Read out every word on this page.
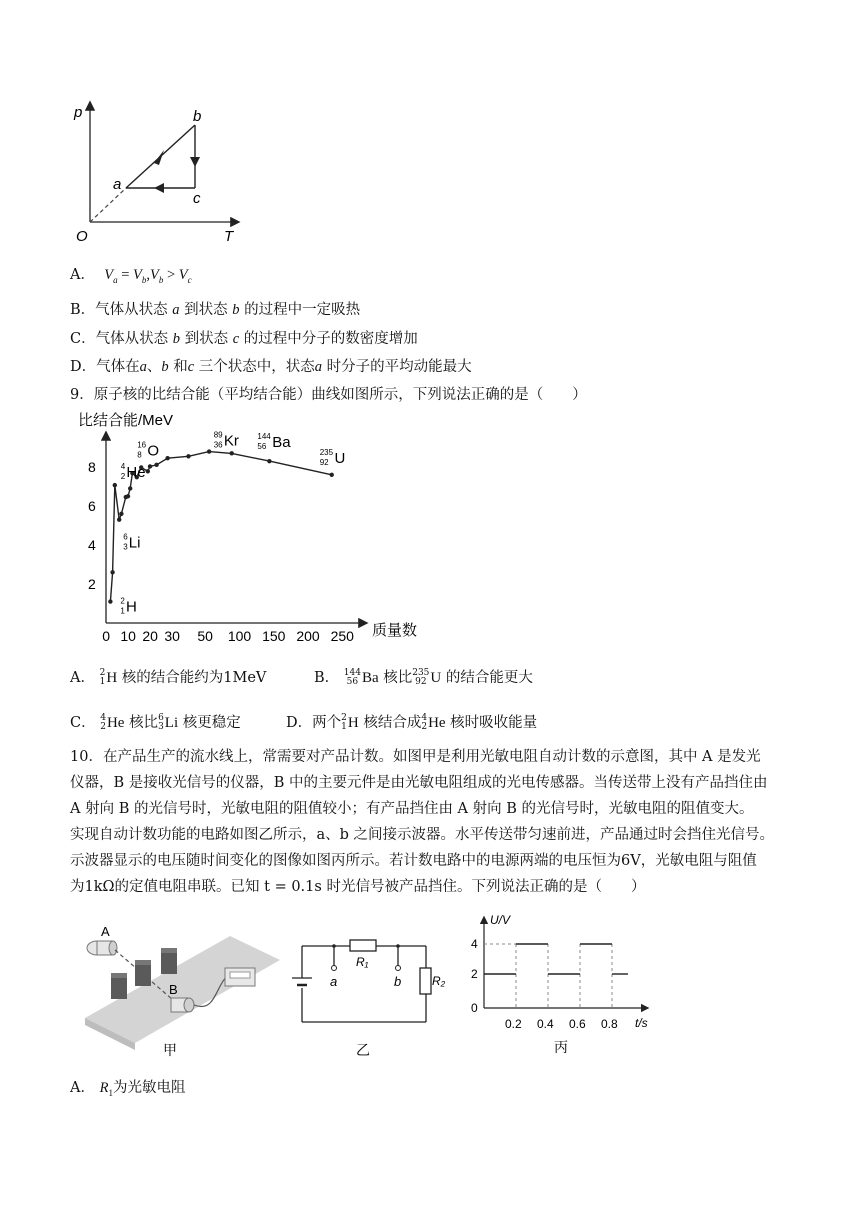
p
T
O
a
b
c
A． $V_a = V_b,V_b > V_c$
B．气体从状态 a 到状态 b 的过程中一定吸热
C．气体从状态 b 到状态 c 的过程中分子的数密度增加
D．气体在a、b 和c 三个状态中，状态a 时分子的平均动能最大
9．原子核的比结合能（平均结合能）曲线如图所示，下列说法正确的是（　　）
比结合能/MeV
质量数
0 10 20 30 50 100 150 200 250
2
4
6
8
2
1 H
4
2 He
6
3 Li
16
8 O
89
36 Kr 144
56 Ba
235
92 U
A． 2
1 H 核的结合能约为1MeV	B． 144
56 Ba 核比 235
92 U 的结合能更大
C． 4
2 He 核比 6
3 Li 核更稳定	D．两个 2
1 H 核结合成 4
2 He 核时吸收能量
10．在产品生产的流水线上，常需要对产品计数。如图甲是利用光敏电阻自动计数的示意图，其中 A 是发光
仪器，B 是接收光信号的仪器，B 中的主要元件是由光敏电阻组成的光电传感器。当传送带上没有产品挡住由
A 射向 B 的光信号时，光敏电阻的阻值较小；有产品挡住由 A 射向 B 的光信号时，光敏电阻的阻值变大。
实现自动计数功能的电路如图乙所示，a、b 之间接示波器。水平传送带匀速前进，产品通过时会挡住光信号。
示波器显示的电压随时间变化的图像如图丙所示。若计数电路中的电源两端的电压恒为6V，光敏电阻与阻值
为1kΩ的定值电阻串联。已知 t = 0.1s 时光信号被产品挡住。下列说法正确的是（　　）
A
B
甲
R₁
R₂
a	b
乙
U/V
t/s
4
2
0
0.2 0.4 0.6 0.8
丙
A． $R_1$为光敏电阻
